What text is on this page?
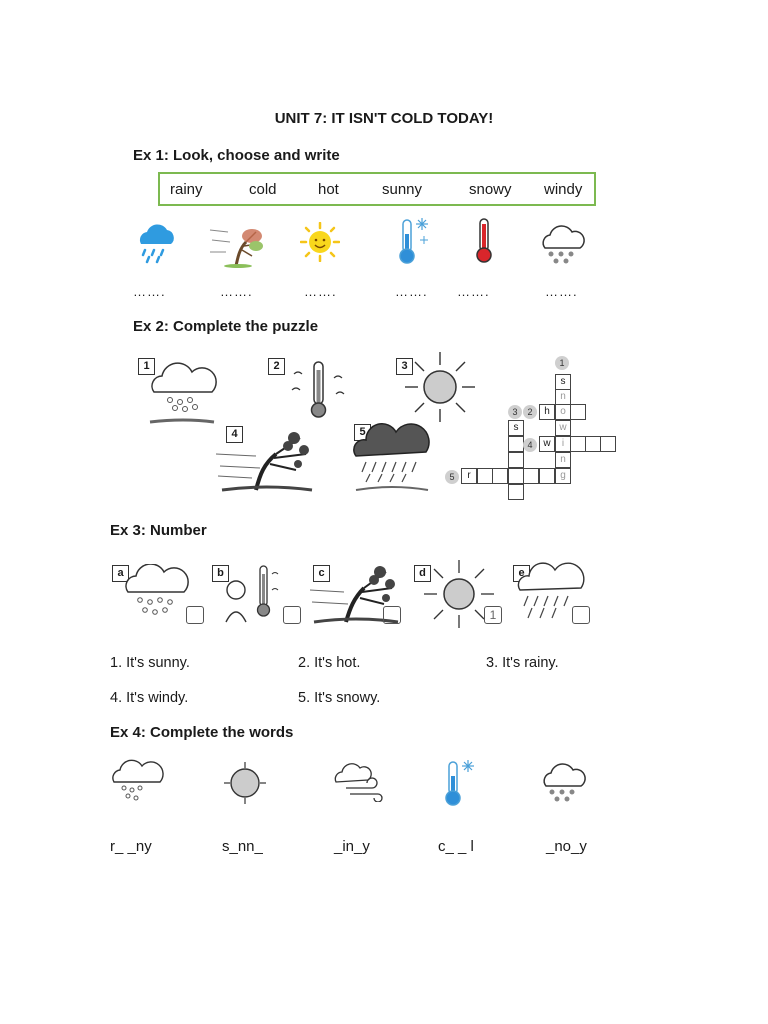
UNIT 7: IT ISN'T COLD TODAY!
Ex 1: Look, choose and write
rainy	cold	hot	sunny	snowy windy
…….	…….	…….	……. …….	…….
Ex 2: Complete the puzzle
1	2	3
4	5
1
s
n
3	2	h	o
s	w
4	w	i
n
5	r	g
Ex 3: Number
a	b	c	d
1
e
1. It's sunny.	2. It's hot.	3. It's rainy.
4. It's windy.	5. It's snowy.
Ex 4: Complete the words
r_ _ny	s_nn_	_in_y	c_ _ l	_no_y
